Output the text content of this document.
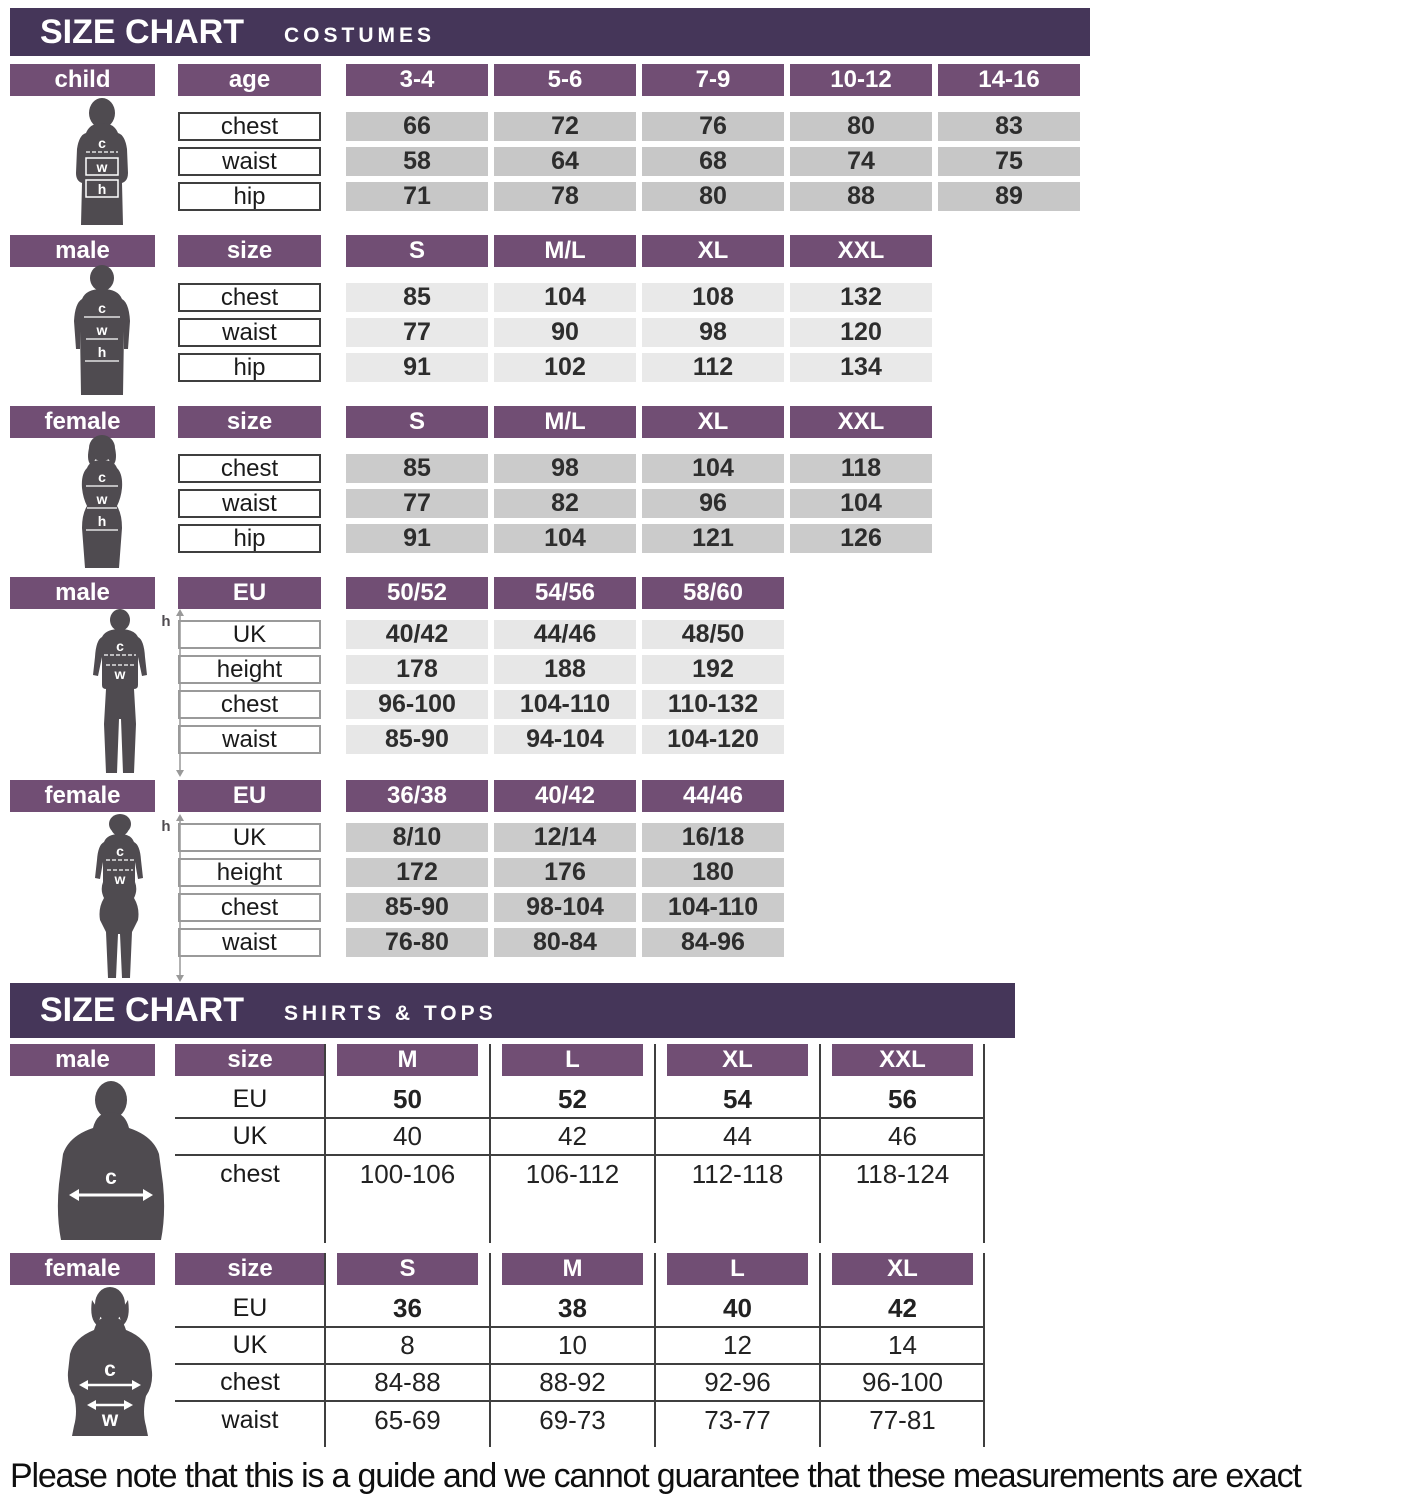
SIZE CHART COSTUMES
child	age	3-4	5-6	7-9	10-12	14-16
chest	66	72	76	80	83
waist	58	64	68	74	75
hip	71	78	80	88	89
c
w
h
male	size	S	M/L	XL	XXL
chest	85	104	108	132
waist	77	90	98	120
hip	91	102	112	134
c
w
h
female	size	S	M/L	XL	XXL
chest	85	98	104	118
waist	77	82	96	104
hip	91	104	121	126
c
w
h
male	EU	50/52	54/56	58/60
UK	40/42	44/46	48/50
height	178	188	192
chest	96-100	104-110	110-132
waist	85-90	94-104	104-120
h
c
w
female	EU	36/38	40/42	44/46
UK	8/10	12/14	16/18
height	172	176	180
chest	85-90	98-104	104-110
waist	76-80	80-84	84-96
h
c
w
SIZE CHART SHIRTS & TOPS
male	size	M	L	XL	XXL
EU	50	52	54	56
UK	40	42	44	46
chest	100-106	106-112	112-118	118-124
c
female	size	S	M	L	XL
EU	36	38	40	42
UK	8	10	12	14
chest	84-88	88-92	92-96	96-100
waist	65-69	69-73	73-77	77-81
c
w
Please note that this is a guide and we cannot guarantee that these measurements are exact
